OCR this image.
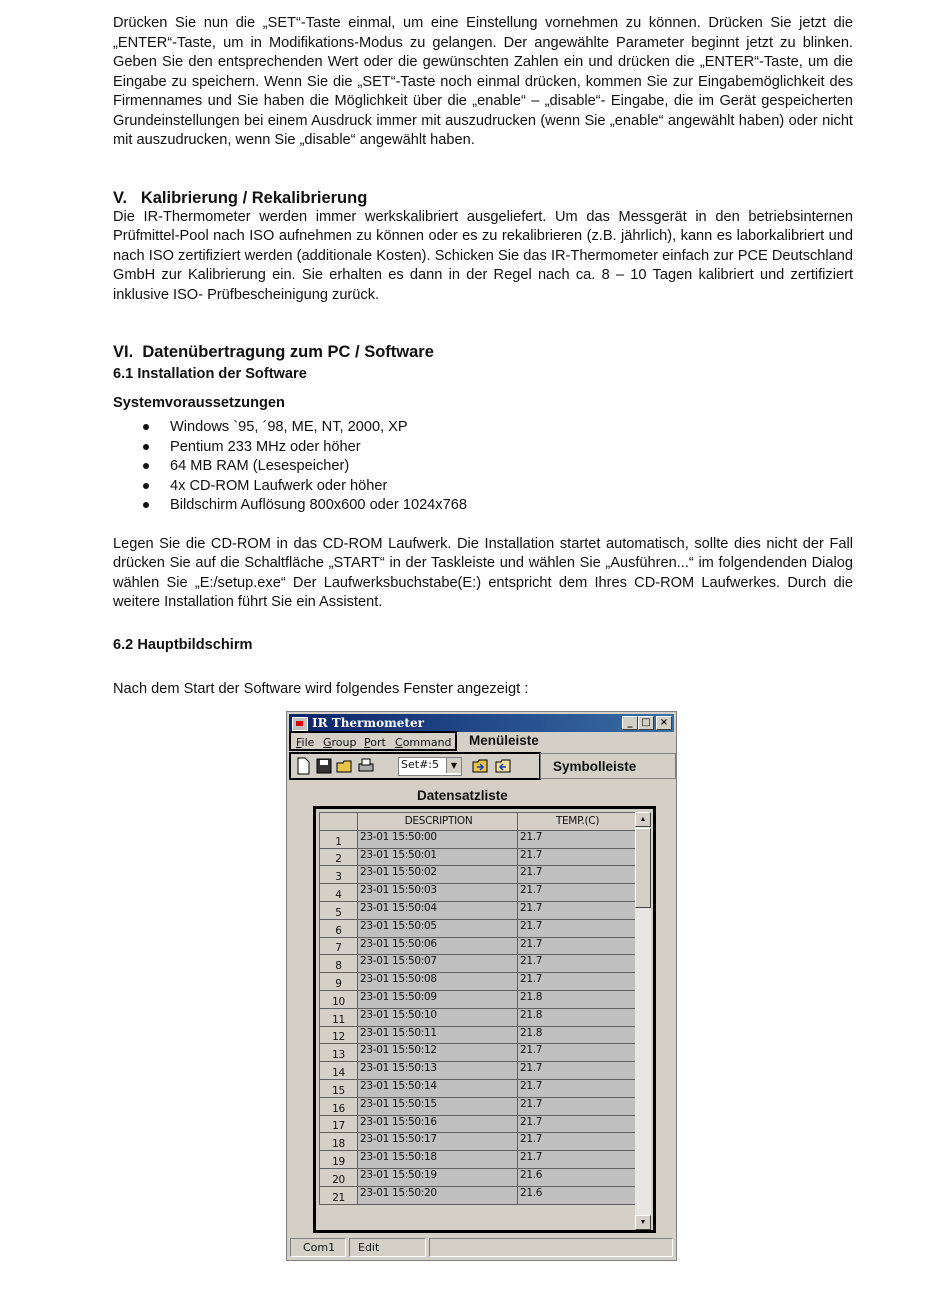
Drücken Sie nun die „SET“-Taste einmal, um eine Einstellung vornehmen zu können. Drücken Sie jetzt die „ENTER“-Taste, um in Modifikations-Modus zu gelangen. Der angewählte Parameter beginnt jetzt zu blinken. Geben Sie den entsprechenden Wert oder die gewünschten Zahlen ein und drücken die „ENTER“-Taste, um die Eingabe zu speichern. Wenn Sie die „SET“-Taste noch einmal drücken, kommen Sie zur Eingabemöglichkeit des Firmennames und Sie haben die Möglichkeit über die „enable“ – „disable“- Eingabe, die im Gerät gespeicherten Grundeinstellungen bei einem Ausdruck immer mit auszudrucken (wenn Sie „enable“ angewählt haben) oder nicht mit auszudrucken, wenn Sie „disable“ angewählt haben.

V.   Kalibrierung / Rekalibrierung

Die IR-Thermometer werden immer werkskalibriert ausgeliefert. Um das Messgerät in den betriebsinternen Prüfmittel-Pool nach ISO aufnehmen zu können oder es zu rekalibrieren (z.B. jährlich), kann es laborkalibriert und nach ISO zertifiziert werden (additionale Kosten). Schicken Sie das IR-Thermometer einfach zur PCE Deutschland GmbH zur Kalibrierung ein. Sie erhalten es dann in der Regel nach ca. 8 – 10 Tagen kalibriert und zertifiziert inklusive ISO- Prüfbescheinigung zurück.

VI.  Datenübertragung zum PC / Software

6.1 Installation der Software

Systemvoraussetzungen

Windows `95, ´98, ME, NT, 2000, XP
Pentium 233 MHz oder höher
64 MB RAM (Lesespeicher)
4x CD-ROM Laufwerk oder höher
Bildschirm Auflösung 800x600 oder 1024x768

Legen Sie die CD-ROM in das CD-ROM Laufwerk. Die Installation startet automatisch, sollte dies nicht der Fall drücken Sie auf die Schaltfläche „START“ in der Taskleiste und wählen Sie „Ausführen...“ im folgendenden Dialog wählen Sie „E:/setup.exe“ Der Laufwerksbuchstabe(E:) entspricht dem Ihres CD-ROM Laufwerkes. Durch die weitere Installation führt Sie ein Assistent.

6.2 Hauptbildschirm

Nach dem Start der Software wird folgendes Fenster angezeigt :

IR Thermometer	_ □ ×
File Group Port Command Menüleiste
Set#:5	▼	Symbolleiste
Datensatzliste
	DESCRIPTION	TEMP.(C)
1	23-01 15:50:00	21.7
2	23-01 15:50:01	21.7
3	23-01 15:50:02	21.7
4	23-01 15:50:03	21.7
5	23-01 15:50:04	21.7
6	23-01 15:50:05	21.7
7	23-01 15:50:06	21.7
8	23-01 15:50:07	21.7
9	23-01 15:50:08	21.7
10	23-01 15:50:09	21.8
11	23-01 15:50:10	21.8
12	23-01 15:50:11	21.8
13	23-01 15:50:12	21.7
14	23-01 15:50:13	21.7
15	23-01 15:50:14	21.7
16	23-01 15:50:15	21.7
17	23-01 15:50:16	21.7
18	23-01 15:50:17	21.7
19	23-01 15:50:18	21.7
20	23-01 15:50:19	21.6
21	23-01 15:50:20	21.6
▲
▼
Com1	Edit
